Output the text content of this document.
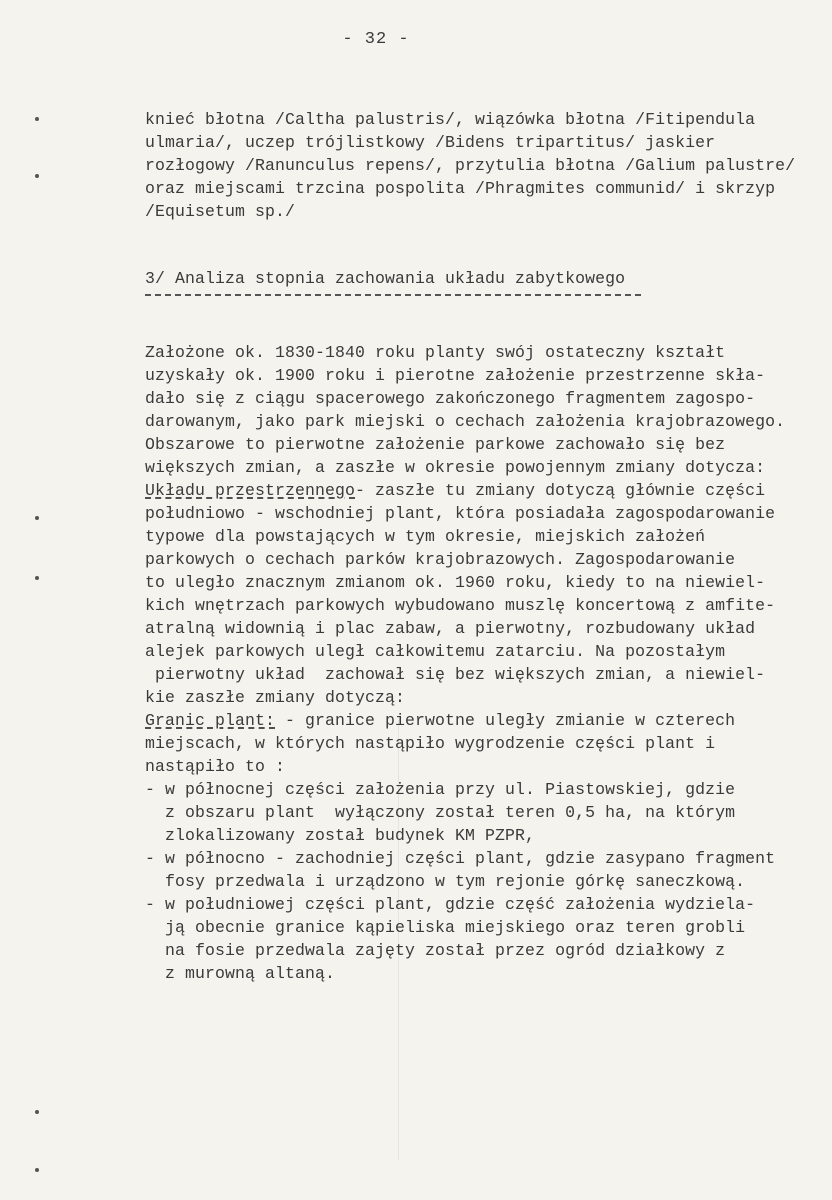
- 32 -
knieć błotna /Caltha palustris/, wiązówka błotna /Fitipendula
ulmaria/, uczep trójlistkowy /Bidens tripartitus/ jaskier
rozłogowy /Ranunculus repens/, przytulia błotna /Galium palustre/
oraz miejscami trzcina pospolita /Phragmites communid/ i skrzyp
/Equisetum sp./
3/ Analiza stopnia zachowania układu zabytkowego
Założone ok. 1830-1840 roku planty swój ostateczny kształt
uzyskały ok. 1900 roku i pierotne założenie przestrzenne skła-
dało się z ciągu spacerowego zakończonego fragmentem zagospo-
darowanym, jako park miejski o cechach założenia krajobrazowego.
Obszarowe to pierwotne założenie parkowe zachowało się bez
większych zmian, a zaszłe w okresie powojennym zmiany dotycza:
Układu przestrzennego- zaszłe tu zmiany dotyczą głównie części
południowo - wschodniej plant, która posiadała zagospodarowanie
typowe dla powstających w tym okresie, miejskich założeń
parkowych o cechach parków krajobrazowych. Zagospodarowanie
to uległo znacznym zmianom ok. 1960 roku, kiedy to na niewiel-
kich wnętrzach parkowych wybudowano muszlę koncertową z amfite-
atralną widownią i plac zabaw, a pierwotny, rozbudowany układ
alejek parkowych uległ całkowitemu zatarciu. Na pozostałym
pierwotny układ  zachował się bez większych zmian, a niewiel-
kie zaszłe zmiany dotyczą:
Granic plant: - granice pierwotne uległy zmianie w czterech
miejscach, w których nastąpiło wygrodzenie części plant i
nastąpiło to :
- w północnej części założenia przy ul. Piastowskiej, gdzie
z obszaru plant  wyłączony został teren 0,5 ha, na którym
zlokalizowany został budynek KM PZPR,
- w północno - zachodniej części plant, gdzie zasypano fragment
fosy przedwala i urządzono w tym rejonie górkę saneczkową.
- w południowej części plant, gdzie część założenia wydziela-
ją obecnie granice kąpieliska miejskiego oraz teren grobli
na fosie przedwala zajęty został przez ogród działkowy z
z murowną altaną.
